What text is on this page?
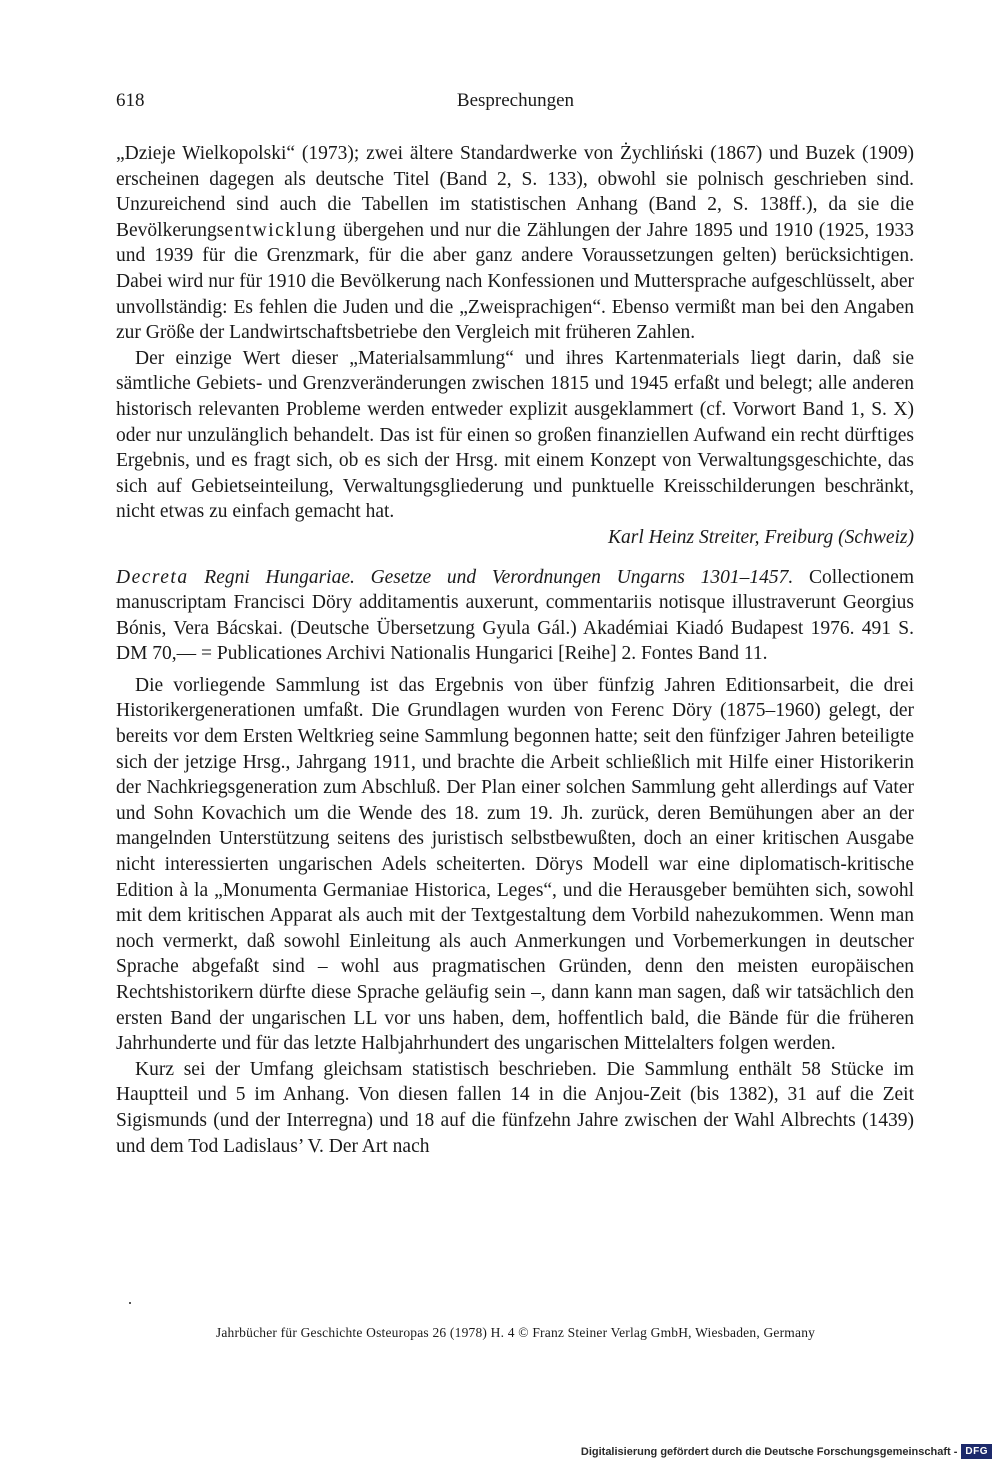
618	Besprechungen

„Dzieje Wielkopolski“ (1973); zwei ältere Standardwerke von Żychliński (1867) und Buzek (1909) erscheinen dagegen als deutsche Titel (Band 2, S. 133), obwohl sie polnisch geschrieben sind. Unzureichend sind auch die Tabellen im statistischen Anhang (Band 2, S. 138ff.), da sie die Bevölkerungsentwicklung übergehen und nur die Zählungen der Jahre 1895 und 1910 (1925, 1933 und 1939 für die Grenzmark, für die aber ganz andere Voraussetzungen gelten) berücksichtigen. Dabei wird nur für 1910 die Bevölkerung nach Konfessionen und Muttersprache aufgeschlüsselt, aber unvollständig: Es fehlen die Juden und die „Zweisprachigen“. Ebenso vermißt man bei den Angaben zur Größe der Landwirtschaftsbetriebe den Vergleich mit früheren Zahlen.

Der einzige Wert dieser „Materialsammlung“ und ihres Kartenmaterials liegt darin, daß sie sämtliche Gebiets- und Grenzveränderungen zwischen 1815 und 1945 erfaßt und belegt; alle anderen historisch relevanten Probleme werden entweder explizit ausgeklammert (cf. Vorwort Band 1, S. X) oder nur unzulänglich behandelt. Das ist für einen so großen finanziellen Aufwand ein recht dürftiges Ergebnis, und es fragt sich, ob es sich der Hrsg. mit einem Konzept von Verwaltungsgeschichte, das sich auf Gebietseinteilung, Verwaltungsgliederung und punktuelle Kreisschilderungen beschränkt, nicht etwas zu einfach gemacht hat.

Karl Heinz Streiter, Freiburg (Schweiz)

Decreta Regni Hungariae. Gesetze und Verordnungen Ungarns 1301–1457. Collectionem manuscriptam Francisci Döry additamentis auxerunt, commentariis notisque illustraverunt Georgius Bónis, Vera Bácskai. (Deutsche Übersetzung Gyula Gál.) Akadémiai Kiadó Budapest 1976. 491 S. DM 70,— = Publicationes Archivi Nationalis Hungarici [Reihe] 2. Fontes Band 11.

Die vorliegende Sammlung ist das Ergebnis von über fünfzig Jahren Editionsarbeit, die drei Historikergenerationen umfaßt. Die Grundlagen wurden von Ferenc Döry (1875–1960) gelegt, der bereits vor dem Ersten Weltkrieg seine Sammlung begonnen hatte; seit den fünfziger Jahren beteiligte sich der jetzige Hrsg., Jahrgang 1911, und brachte die Arbeit schließlich mit Hilfe einer Historikerin der Nachkriegsgeneration zum Abschluß. Der Plan einer solchen Sammlung geht allerdings auf Vater und Sohn Kovachich um die Wende des 18. zum 19. Jh. zurück, deren Bemühungen aber an der mangelnden Unterstützung seitens des juristisch selbstbewußten, doch an einer kritischen Ausgabe nicht interessierten ungarischen Adels scheiterten. Dörys Modell war eine diplomatisch-kritische Edition à la „Monumenta Germaniae Historica, Leges“, und die Herausgeber bemühten sich, sowohl mit dem kritischen Apparat als auch mit der Textgestaltung dem Vorbild nahezukommen. Wenn man noch vermerkt, daß sowohl Einleitung als auch Anmerkungen und Vorbemerkungen in deutscher Sprache abgefaßt sind – wohl aus pragmatischen Gründen, denn den meisten europäischen Rechtshistorikern dürfte diese Sprache geläufig sein –, dann kann man sagen, daß wir tatsächlich den ersten Band der ungarischen LL vor uns haben, dem, hoffentlich bald, die Bände für die früheren Jahrhunderte und für das letzte Halbjahrhundert des ungarischen Mittelalters folgen werden.

Kurz sei der Umfang gleichsam statistisch beschrieben. Die Sammlung enthält 58 Stücke im Hauptteil und 5 im Anhang. Von diesen fallen 14 in die Anjou-Zeit (bis 1382), 31 auf die Zeit Sigismunds (und der Interregna) und 18 auf die fünfzehn Jahre zwischen der Wahl Albrechts (1439) und dem Tod Ladislaus’ V. Der Art nach

Jahrbücher für Geschichte Osteuropas 26 (1978) H. 4 © Franz Steiner Verlag GmbH, Wiesbaden, Germany
Digitalisierung gefördert durch die Deutsche Forschungsgemeinschaft - DFG
